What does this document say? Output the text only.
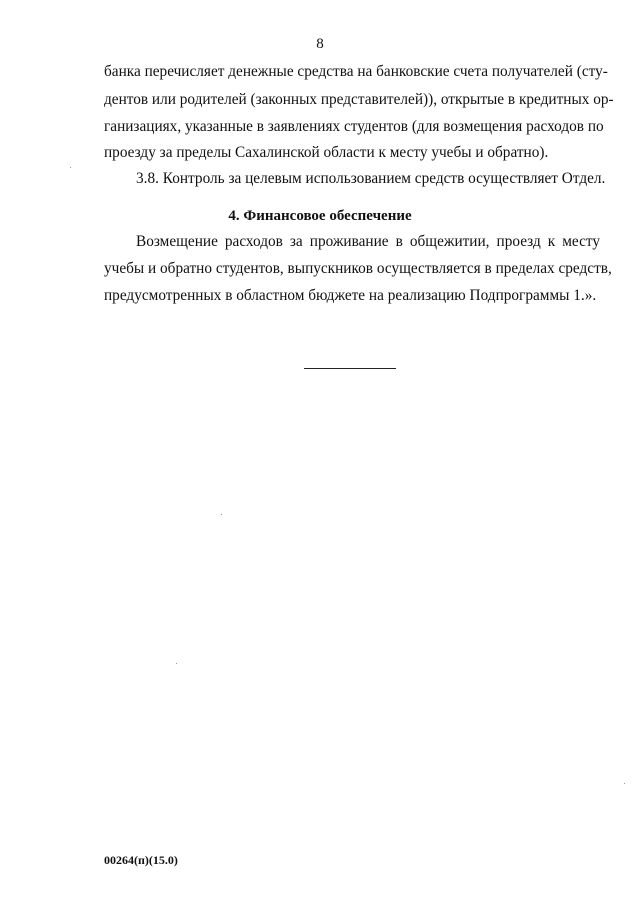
8
банка перечисляет денежные средства на банковские счета получателей (сту-
дентов или родителей (законных представителей)), открытые в кредитных ор-
ганизациях, указанные в заявлениях студентов (для возмещения расходов по
проезду за пределы Сахалинской области к месту учебы и обратно).
3.8. Контроль за целевым использованием средств осуществляет Отдел.
4. Финансовое обеспечение
Возмещение расходов за проживание в общежитии, проезд к месту
учебы и обратно студентов, выпускников осуществляется в пределах средств,
предусмотренных в областном бюджете на реализацию Подпрограммы 1.».
00264(п)(15.0)
